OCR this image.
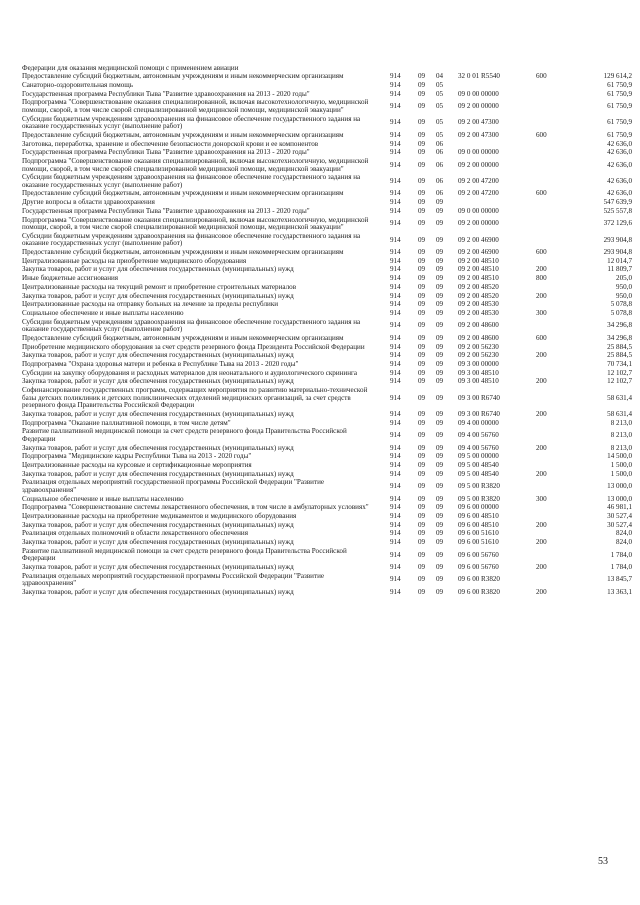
Федерации для оказания медицинской помощи с применением авиации						
Предоставление субсидий бюджетным, автономным учреждениям и иным некоммерческим организациям	914	09	04	32 0 01 R5540	600	129 614,2
Санаторно-оздоровительная помощь	914	09	05			61 750,9
Государственная программа Республики Тыва "Развитие здравоохранения на 2013 - 2020 годы"	914	09	05	09 0 00 00000		61 750,9
Подпрограмма "Совершенствование оказания специализированной, включая высокотехнологичную, медицинской помощи, скорой, в том числе скорой специализированной медицинской помощи, медицинской эвакуации"	914	09	05	09 2 00 00000		61 750,9
Субсидии бюджетным учреждениям здравоохранения на финансовое обеспечение государственного задания на оказание государственных услуг (выполнение работ)	914	09	05	09 2 00 47300		61 750,9
Предоставление субсидий бюджетным, автономным учреждениям и иным некоммерческим организациям	914	09	05	09 2 00 47300	600	61 750,9
Заготовка, переработка, хранение и обеспечение безопасности донорской крови и ее компонентов	914	09	06			42 636,0
Государственная программа Республики Тыва "Развитие здравоохранения на 2013 - 2020 годы"	914	09	06	09 0 00 00000		42 636,0
Подпрограмма "Совершенствование оказания специализированной, включая высокотехнологичную, медицинской помощи, скорой, в том числе скорой специализированной медицинской помощи, медицинской эвакуации"	914	09	06	09 2 00 00000		42 636,0
Субсидии бюджетным учреждениям здравоохранения на финансовое обеспечение государственного задания на оказание государственных услуг (выполнение работ)	914	09	06	09 2 00 47200		42 636,0
Предоставление субсидий бюджетным, автономным учреждениям и иным некоммерческим организациям	914	09	06	09 2 00 47200	600	42 636,0
Другие вопросы в области здравоохранения	914	09	09			547 639,9
Государственная программа Республики Тыва "Развитие здравоохранения на 2013 - 2020 годы"	914	09	09	09 0 00 00000		525 557,8
Подпрограмма "Совершенствование оказания специализированной, включая высокотехнологичную, медицинской помощи, скорой, в том числе скорой специализированной медицинской помощи, медицинской эвакуации"	914	09	09	09 2 00 00000		372 129,6
Субсидии бюджетным учреждениям здравоохранения на финансовое обеспечение государственного задания на оказание государственных услуг (выполнение работ)	914	09	09	09 2 00 46900		293 904,8
Предоставление субсидий бюджетным, автономным учреждениям и иным некоммерческим организациям	914	09	09	09 2 00 46900	600	293 904,8
Централизованные расходы на приобретение медицинского оборудования	914	09	09	09 2 00 48510		12 014,7
Закупка товаров, работ и услуг для обеспечения государственных (муниципальных) нужд	914	09	09	09 2 00 48510	200	11 809,7
Иные бюджетные ассигнования	914	09	09	09 2 00 48510	800	205,0
Централизованные расходы на текущий ремонт и приобретение строительных материалов	914	09	09	09 2 00 48520		950,0
Закупка товаров, работ и услуг для обеспечения государственных (муниципальных) нужд	914	09	09	09 2 00 48520	200	950,0
Централизованные расходы на отправку больных на лечение за пределы республики	914	09	09	09 2 00 48530		5 078,8
Социальное обеспечение и иные выплаты населению	914	09	09	09 2 00 48530	300	5 078,8
Субсидии бюджетным учреждениям здравоохранения на финансовое обеспечение государственного задания на оказание государственных услуг (выполнение работ)	914	09	09	09 2 00 48600		34 296,8
Предоставление субсидий бюджетным, автономным учреждениям и иным некоммерческим организациям	914	09	09	09 2 00 48600	600	34 296,8
Приобретение медицинского оборудования за счет средств резервного фонда Президента Российской Федерации	914	09	09	09 2 00 56230		25 884,5
Закупка товаров, работ и услуг для обеспечения государственных (муниципальных) нужд	914	09	09	09 2 00 56230	200	25 884,5
Подпрограмма "Охрана здоровья матери и ребенка в Республике Тыва на 2013 - 2020 годы"	914	09	09	09 3 00 00000		70 734,1
Субсидии на закупку оборудования и расходных материалов для неонатального и аудиологического скрининга	914	09	09	09 3 00 48510		12 102,7
Закупка товаров, работ и услуг для обеспечения государственных (муниципальных) нужд	914	09	09	09 3 00 48510	200	12 102,7
Софинансирование государственных программ, содержащих мероприятия по развитию материально-технической базы детских поликлиник и детских поликлинических отделений медицинских организаций, за счет средств резервного фонда Правительства Российской Федерации	914	09	09	09 3 00 R6740		58 631,4
Закупка товаров, работ и услуг для обеспечения государственных (муниципальных) нужд	914	09	09	09 3 00 R6740	200	58 631,4
Подпрограмма "Оказание паллиативной помощи, в том числе детям"	914	09	09	09 4 00 00000		8 213,0
Развитие паллиативной медицинской помощи за счет средств резервного фонда Правительства Российской Федерации	914	09	09	09 4 00 56760		8 213,0
Закупка товаров, работ и услуг для обеспечения государственных (муниципальных) нужд	914	09	09	09 4 00 56760	200	8 213,0
Подпрограмма "Медицинские кадры Республики Тыва на 2013 - 2020 годы"	914	09	09	09 5 00 00000		14 500,0
Централизованные расходы на курсовые и сертификационные мероприятия	914	09	09	09 5 00 48540		1 500,0
Закупка товаров, работ и услуг для обеспечения государственных (муниципальных) нужд	914	09	09	09 5 00 48540	200	1 500,0
Реализация отдельных мероприятий государственной программы Российской Федерации "Развитие здравоохранения"	914	09	09	09 5 00 R3820		13 000,0
Социальное обеспечение и иные выплаты населению	914	09	09	09 5 00 R3820	300	13 000,0
Подпрограмма "Совершенствование системы лекарственного обеспечения, в том числе в амбулаторных условиях"	914	09	09	09 6 00 00000		46 981,1
Централизованные расходы на приобретение медикаментов и медицинского оборудования	914	09	09	09 6 00 48510		30 527,4
Закупка товаров, работ и услуг для обеспечения государственных (муниципальных) нужд	914	09	09	09 6 00 48510	200	30 527,4
Реализация отдельных полномочий в области лекарственного обеспечения	914	09	09	09 6 00 51610		824,0
Закупка товаров, работ и услуг для обеспечения государственных (муниципальных) нужд	914	09	09	09 6 00 51610	200	824,0
Развитие паллиативной медицинской помощи за счет средств резервного фонда Правительства Российской Федерации	914	09	09	09 6 00 56760		1 784,0
Закупка товаров, работ и услуг для обеспечения государственных (муниципальных) нужд	914	09	09	09 6 00 56760	200	1 784,0
Реализация отдельных мероприятий государственной программы Российской Федерации "Развитие здравоохранения"	914	09	09	09 6 00 R3820		13 845,7
Закупка товаров, работ и услуг для обеспечения государственных (муниципальных) нужд	914	09	09	09 6 00 R3820	200	13 363,1
53
